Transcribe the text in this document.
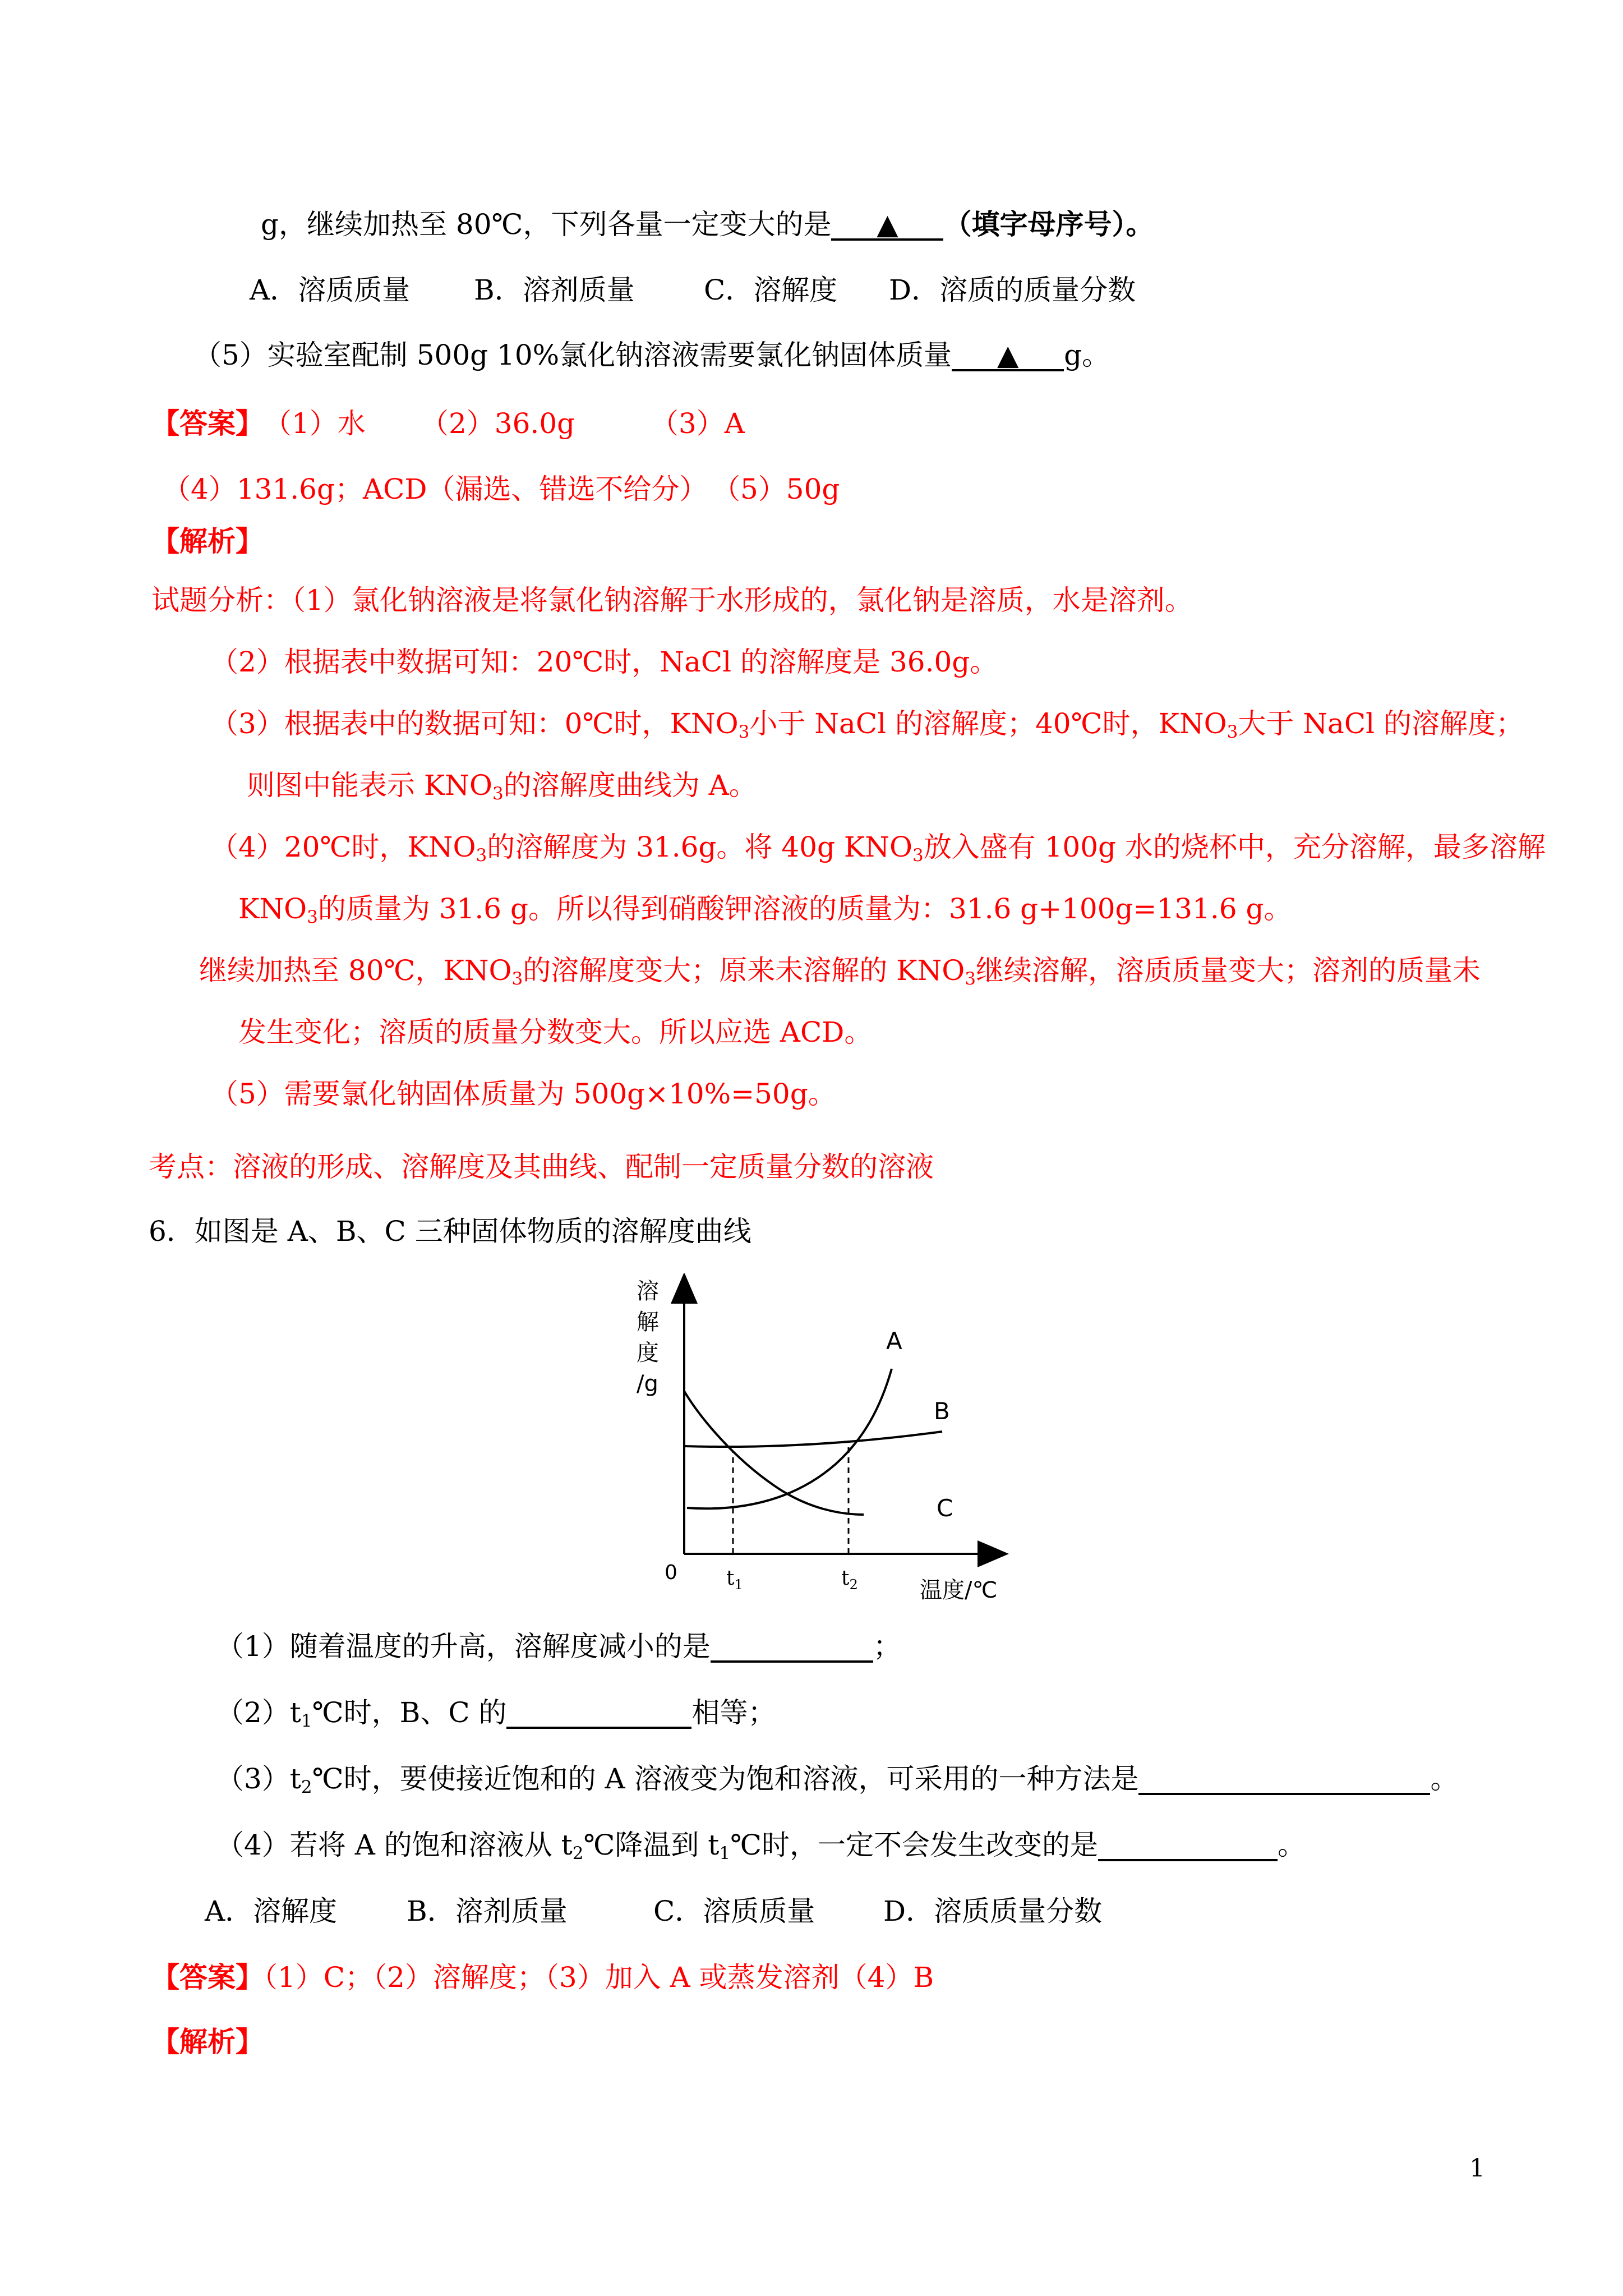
g，继续加热至 80℃，下列各量一定变大的是 ▲ （填字母序号）。
A．溶质质量 B．溶剂质量 C．溶解度 D．溶质的质量分数
（5）实验室配制 500g 10%氯化钠溶液需要氯化钠固体质量 ▲ g。
【答案】（1）水 （2）36.0g	（3）A
（4）131.6g；ACD（漏选、错选不给分） （5）50g
【解析】
试题分析：（1）氯化钠溶液是将氯化钠溶解于水形成的，氯化钠是溶质，水是溶剂。
（2）根据表中数据可知：20℃时，NaCl 的溶解度是 36.0g。
（3）根据表中的数据可知：0℃时，$KNO_3$小于 NaCl 的溶解度；40℃时，$KNO_3$大于 NaCl 的溶解度；
则图中能表示 $KNO_3$的溶解度曲线为 A。
（4）20℃时，$KNO_3$的溶解度为 31.6g。将 40g $KNO_3$放入盛有 100g 水的烧杯中，充分溶解，最多溶解
$KNO_3$的质量为 31.6 g。所以得到硝酸钾溶液的质量为：31.6 g+100g=131.6 g。
继续加热至 80℃，$KNO_3$的溶解度变大；原来未溶解的 $KNO_3$继续溶解，溶质质量变大；溶剂的质量未
发生变化；溶质的质量分数变大。所以应选 ACD。
（5）需要氯化钠固体质量为 500g×10%=50g。
考点：溶液的形成、溶解度及其曲线、配制一定质量分数的溶液
6．如图是 A、B、C 三种固体物质的溶解度曲线
溶
解
度
/g
0 $t_1$	$t_2$	温度/℃
A
B
C
（1）随着温度的升高，溶解度减小的是	；
$(2)t_1℃$时，B、C 的	相等；
$(3)t_2℃$时，要使接近饱和的 A 溶液变为饱和溶液，可采用的一种方法是	。
（4）若将 A 的饱和溶液从 $t_2℃$降温到 $t_1℃$时，一定不会发生改变的是	。
A．溶解度 B．溶剂质量	C．溶质质量 D．溶质质量分数
【答案】（1）C；（2）溶解度；（3）加入 A 或蒸发溶剂（4）B
【解析】
1
